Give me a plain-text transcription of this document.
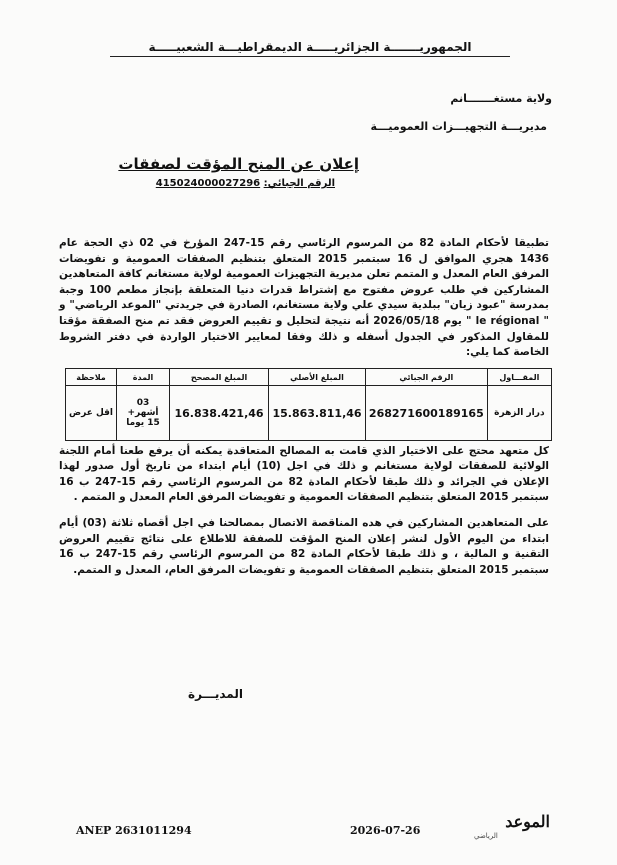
الجمهوريـــــــة الجزائريـــــة الديمقراطيـــة الشعبيـــــة
ولاية مستغـــــــانم
مديريـــة التجهيـــزات العموميـــة
إعلان عن المنح المؤقت لصفقات
الرقم الجبائي: 415024000027296
تطبيقا لأحكام المادة 82 من المرسوم الرئاسي رقم 15-247 المؤرخ في 02 ذي الحجة عام 1436 هجري الموافق ل 16 سبتمبر 2015 المتعلق بتنظيم الصفقات العمومية و تفويضات المرفق العام المعدل و المتمم تعلن مديرية التجهيزات العمومية لولاية مستغانم كافة المتعاهدين المشاركين في طلب عروض مفتوح مع إشتراط قدرات دنيا المتعلقة بإنجاز مطعم 100 وجبة بمدرسة "عبود زيان" ببلدية سيدي علي ولاية مستغانم، الصادرة في جريدتي "الموعد الرياضي" و " le régional " يوم 2026/05/18 أنه نتيجة لتحليل و تقييم العروض فقد تم منح الصفقة مؤقتا للمقاول المذكور في الجدول أسفله و ذلك وفقا لمعايير الاختيار الواردة في دفتر الشروط الخاصة كما يلي:
المقـــاول	الرقم الجبائي	المبلغ الأصلي	المبلغ المصحح	المدة	ملاحظة
درار الزهرة	268271600189165	15.863.811,46	16.838.421,46	03 أشهر+ 15 يوما	اقل عرض
كل متعهد محتج على الاختيار الذي قامت به المصالح المتعاقدة يمكنه أن يرفع طعنا أمام اللجنة الولائية للصفقات لولاية مستغانم و ذلك في اجل (10) أيام ابتداء من تاريخ أول صدور لهذا الإعلان في الجرائد و ذلك طبقا لأحكام المادة 82 من المرسوم الرئاسي رقم 15-247 ب 16 سبتمبر 2015 المتعلق بتنظيم الصفقات العمومية و تفويضات المرفق العام المعدل و المتمم .
على المتعاهدين المشاركين في هده المناقصة الاتصال بمصالحنا في اجل أقصاه ثلاثة (03) أيام ابتداء من اليوم الأول لنشر إعلان المنح المؤقت للصفقة للاطلاع على نتائج تقييم العروض التقنية و المالية ، و ذلك طبقا لأحكام المادة 82 من المرسوم الرئاسي رقم 15-247 ب 16 سبتمبر 2015 المتعلق بتنظيم الصفقات العمومية و تفويضات المرفق العام، المعدل و المتمم.
المديـــرة
ANEP 2631011294	2026-07-26	الموعد
الرياضي
